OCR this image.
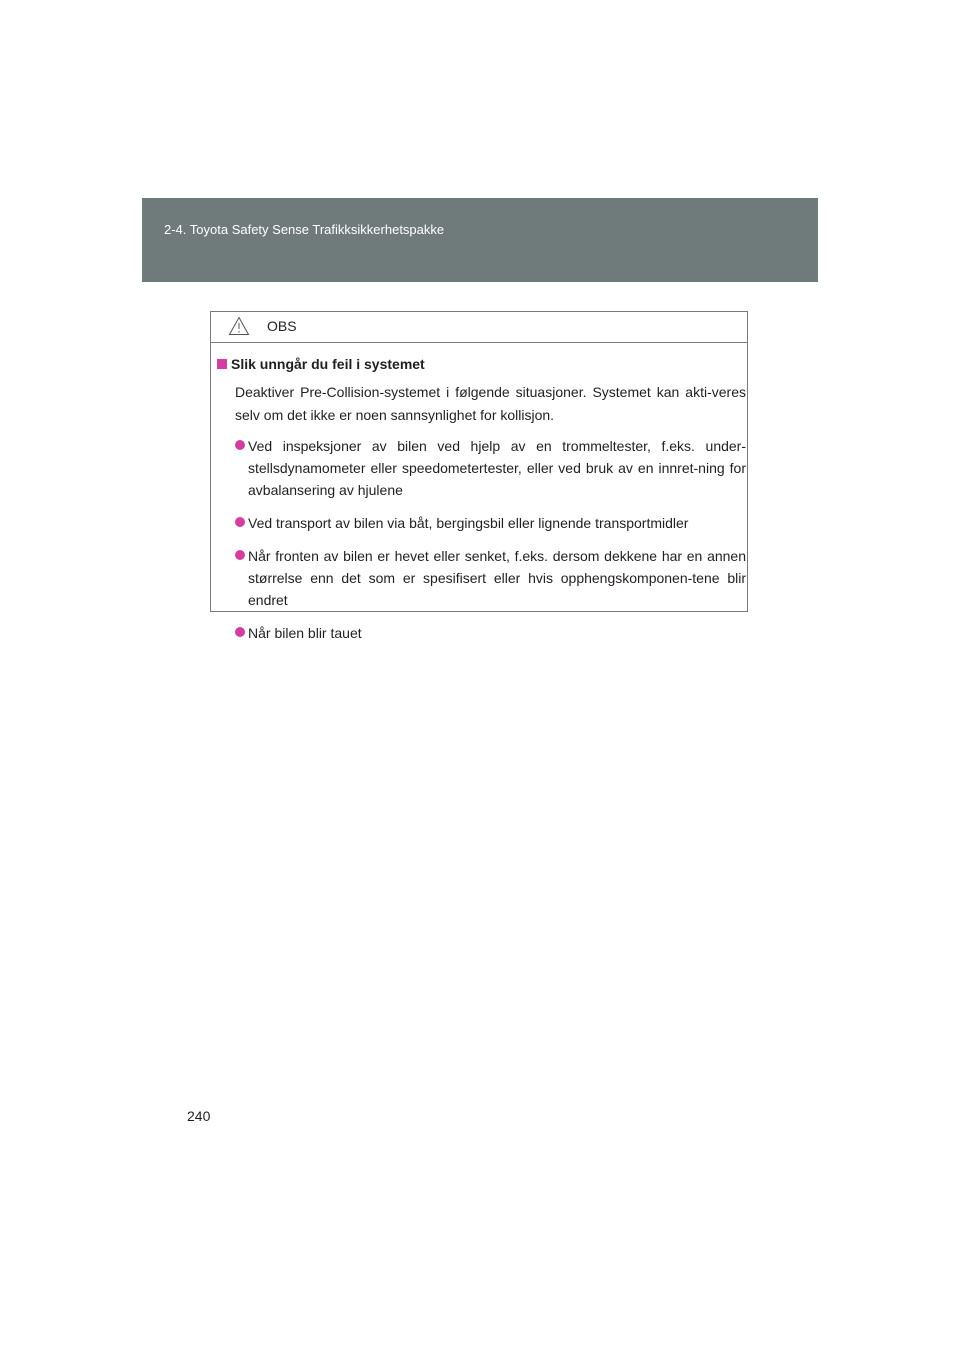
2-4. Toyota Safety Sense Trafikksikkerhetspakke
OBS
Slik unngår du feil i systemet

Deaktiver Pre-Collision-systemet i følgende situasjoner. Systemet kan akti-veres selv om det ikke er noen sannsynlighet for kollisjon.

Ved inspeksjoner av bilen ved hjelp av en trommeltester, f.eks. under-stellsdynamometer eller speedometertester, eller ved bruk av en innret-ning for avbalansering av hjulene
Ved transport av bilen via båt, bergingsbil eller lignende transportmidler
Når fronten av bilen er hevet eller senket, f.eks. dersom dekkene har en annen størrelse enn det som er spesifisert eller hvis opphengskomponen-tene blir endret
Når bilen blir tauet
240
